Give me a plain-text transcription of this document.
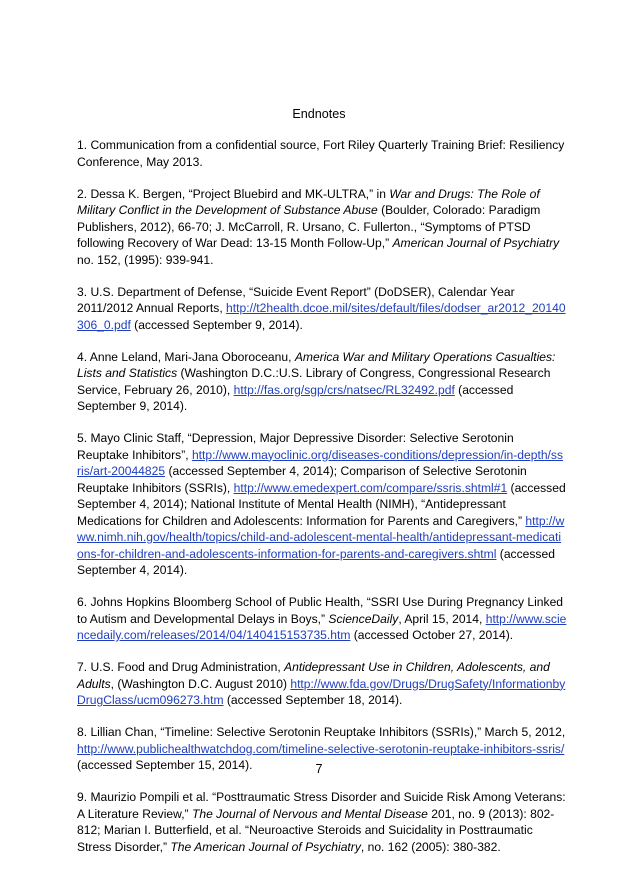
Endnotes

1. Communication from a confidential source, Fort Riley Quarterly Training Brief: Resiliency Conference, May 2013.

2. Dessa K. Bergen, “Project Bluebird and MK-ULTRA,” in War and Drugs: The Role of Military Conflict in the Development of Substance Abuse (Boulder, Colorado: Paradigm Publishers, 2012), 66-70; J. McCarroll, R. Ursano, C. Fullerton., “Symptoms of PTSD following Recovery of War Dead: 13-15 Month Follow-Up,” American Journal of Psychiatry no. 152, (1995): 939-941.

3. U.S. Department of Defense, “Suicide Event Report” (DoDSER), Calendar Year 2011/2012 Annual Reports, http://t2health.dcoe.mil/sites/default/files/dodser_ar2012_20140306_0.pdf (accessed September 9, 2014).

4. Anne Leland, Mari-Jana Oboroceanu, America War and Military Operations Casualties: Lists and Statistics (Washington D.C.:U.S. Library of Congress, Congressional Research Service, February 26, 2010), http://fas.org/sgp/crs/natsec/RL32492.pdf (accessed September 9, 2014).

5. Mayo Clinic Staff, “Depression, Major Depressive Disorder: Selective Serotonin Reuptake Inhibitors”, http://www.mayoclinic.org/diseases-conditions/depression/in-depth/ssris/art-20044825 (accessed September 4, 2014); Comparison of Selective Serotonin Reuptake Inhibitors (SSRIs), http://www.emedexpert.com/compare/ssris.shtml#1 (accessed September 4, 2014); National Institute of Mental Health (NIMH), “Antidepressant Medications for Children and Adolescents: Information for Parents and Caregivers,” http://www.nimh.nih.gov/health/topics/child-and-adolescent-mental-health/antidepressant-medications-for-children-and-adolescents-information-for-parents-and-caregivers.shtml (accessed September 4, 2014).

6. Johns Hopkins Bloomberg School of Public Health, “SSRI Use During Pregnancy Linked to Autism and Developmental Delays in Boys,” ScienceDaily, April 15, 2014, http://www.sciencedaily.com/releases/2014/04/140415153735.htm (accessed October 27, 2014).

7. U.S. Food and Drug Administration, Antidepressant Use in Children, Adolescents, and Adults, (Washington D.C. August 2010) http://www.fda.gov/Drugs/DrugSafety/InformationbyDrugClass/ucm096273.htm (accessed September 18, 2014).

8. Lillian Chan, “Timeline: Selective Serotonin Reuptake Inhibitors (SSRIs),” March 5, 2012, http://www.publichealthwatchdog.com/timeline-selective-serotonin-reuptake-inhibitors-ssris/ (accessed September 15, 2014).

9. Maurizio Pompili et al. “Posttraumatic Stress Disorder and Suicide Risk Among Veterans: A Literature Review,” The Journal of Nervous and Mental Disease 201, no. 9 (2013): 802-812; Marian I. Butterfield, et al. “Neuroactive Steroids and Suicidality in Posttraumatic Stress Disorder,” The American Journal of Psychiatry, no. 162 (2005): 380-382.

7
